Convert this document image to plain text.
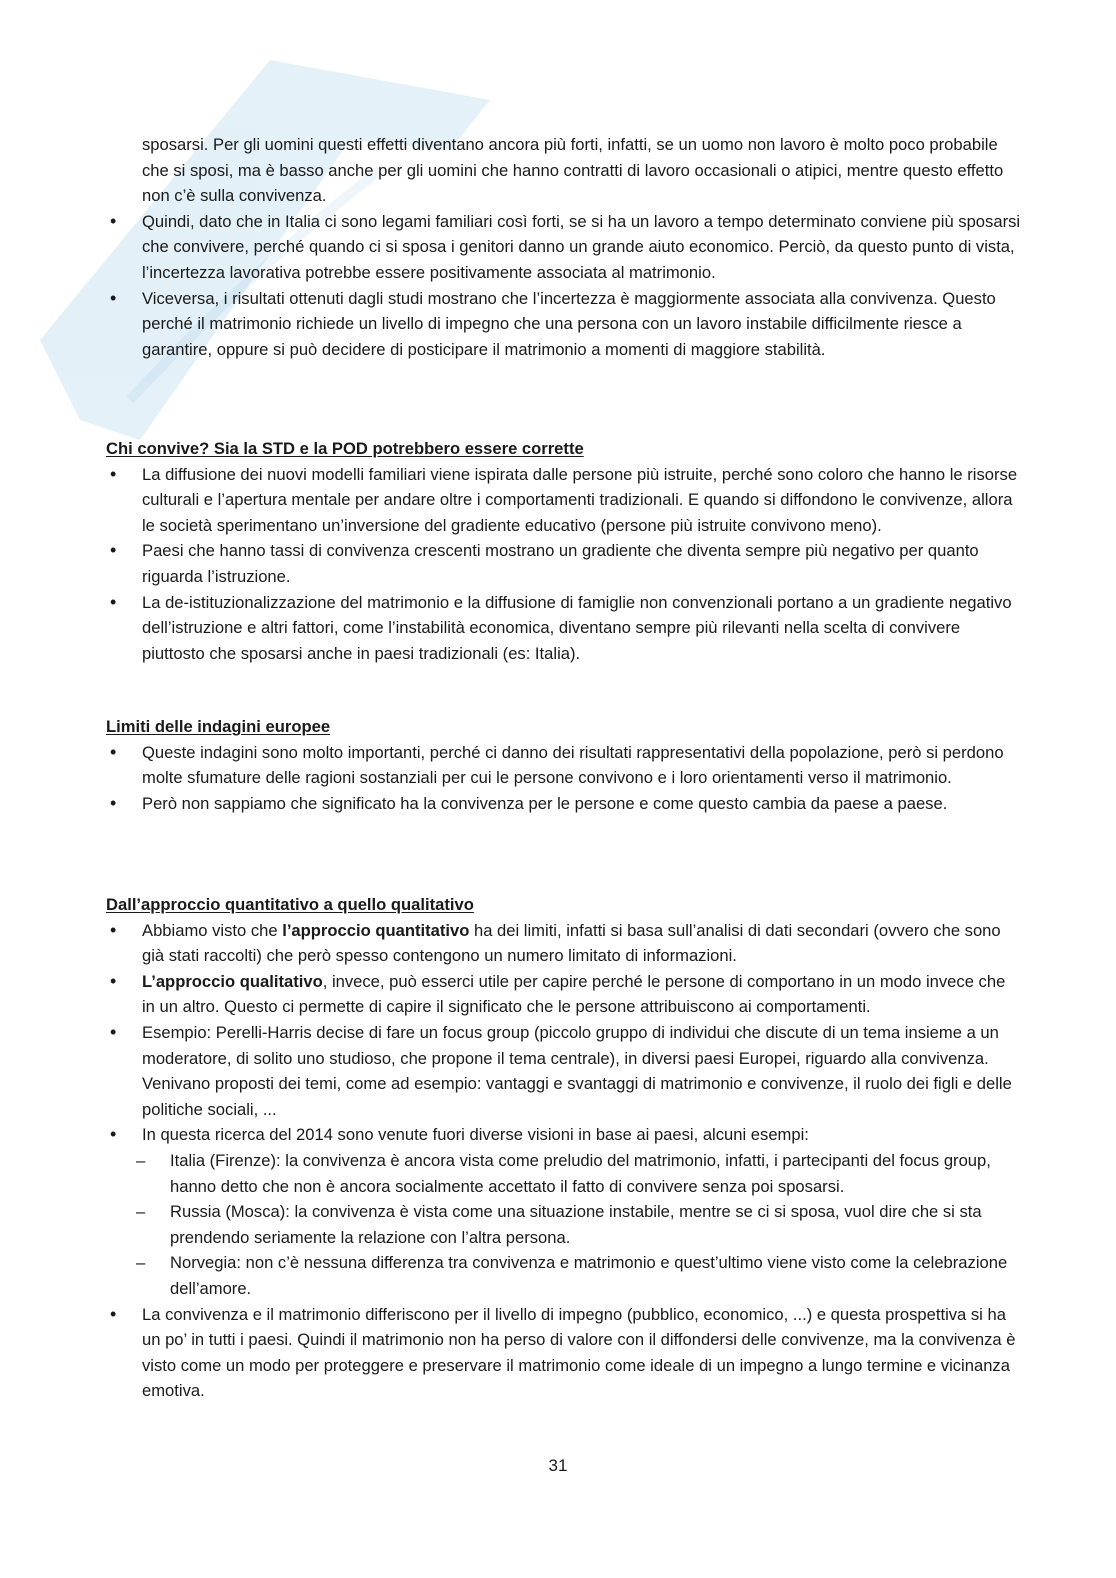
sposarsi. Per gli uomini questi effetti diventano ancora più forti, infatti, se un uomo non lavoro è molto poco probabile che si sposi, ma è basso anche per gli uomini che hanno contratti di lavoro occasionali o atipici, mentre questo effetto non c’è sulla convivenza.

• Quindi, dato che in Italia ci sono legami familiari così forti, se si ha un lavoro a tempo determinato conviene più sposarsi che convivere, perché quando ci si sposa i genitori danno un grande aiuto economico. Perciò, da questo punto di vista, l’incertezza lavorativa potrebbe essere positivamente associata al matrimonio.
• Viceversa, i risultati ottenuti dagli studi mostrano che l’incertezza è maggiormente associata alla convivenza. Questo perché il matrimonio richiede un livello di impegno che una persona con un lavoro instabile difficilmente riesce a garantire, oppure si può decidere di posticipare il matrimonio a momenti di maggiore stabilità.
Chi convive? Sia la STD e la POD potrebbero essere corrette
• La diffusione dei nuovi modelli familiari viene ispirata dalle persone più istruite, perché sono coloro che hanno le risorse culturali e l’apertura mentale per andare oltre i comportamenti tradizionali. E quando si diffondono le convivenze, allora le società sperimentano un’inversione del gradiente educativo (persone più istruite convivono meno).
• Paesi che hanno tassi di convivenza crescenti mostrano un gradiente che diventa sempre più negativo per quanto riguarda l’istruzione.
• La de-istituzionalizzazione del matrimonio e la diffusione di famiglie non convenzionali portano a un gradiente negativo dell’istruzione e altri fattori, come l’instabilità economica, diventano sempre più rilevanti nella scelta di convivere piuttosto che sposarsi anche in paesi tradizionali (es: Italia).
Limiti delle indagini europee
• Queste indagini sono molto importanti, perché ci danno dei risultati rappresentativi della popolazione, però si perdono molte sfumature delle ragioni sostanziali per cui le persone convivono e i loro orientamenti verso il matrimonio.
• Però non sappiamo che significato ha la convivenza per le persone e come questo cambia da paese a paese.
Dall’approccio quantitativo a quello qualitativo
• Abbiamo visto che l’approccio quantitativo ha dei limiti, infatti si basa sull’analisi di dati secondari (ovvero che sono già stati raccolti) che però spesso contengono un numero limitato di informazioni.
• L’approccio qualitativo, invece, può esserci utile per capire perché le persone di comportano in un modo invece che in un altro. Questo ci permette di capire il significato che le persone attribuiscono ai comportamenti.
• Esempio: Perelli-Harris decise di fare un focus group (piccolo gruppo di individui che discute di un tema insieme a un moderatore, di solito uno studioso, che propone il tema centrale), in diversi paesi Europei, riguardo alla convivenza. Venivano proposti dei temi, come ad esempio: vantaggi e svantaggi di matrimonio e convivenze, il ruolo dei figli e delle politiche sociali, ...
• In questa ricerca del 2014 sono venute fuori diverse visioni in base ai paesi, alcuni esempi:
– Italia (Firenze): la convivenza è ancora vista come preludio del matrimonio, infatti, i partecipanti del focus group, hanno detto che non è ancora socialmente accettato il fatto di convivere senza poi sposarsi.
– Russia (Mosca): la convivenza è vista come una situazione instabile, mentre se ci si sposa, vuol dire che si sta prendendo seriamente la relazione con l’altra persona.
– Norvegia: non c’è nessuna differenza tra convivenza e matrimonio e quest’ultimo viene visto come la celebrazione dell’amore.
• La convivenza e il matrimonio differiscono per il livello di impegno (pubblico, economico, ...) e questa prospettiva si ha un po’ in tutti i paesi. Quindi il matrimonio non ha perso di valore con il diffondersi delle convivenze, ma la convivenza è visto come un modo per proteggere e preservare il matrimonio come ideale di un impegno a lungo termine e vicinanza emotiva.
31
